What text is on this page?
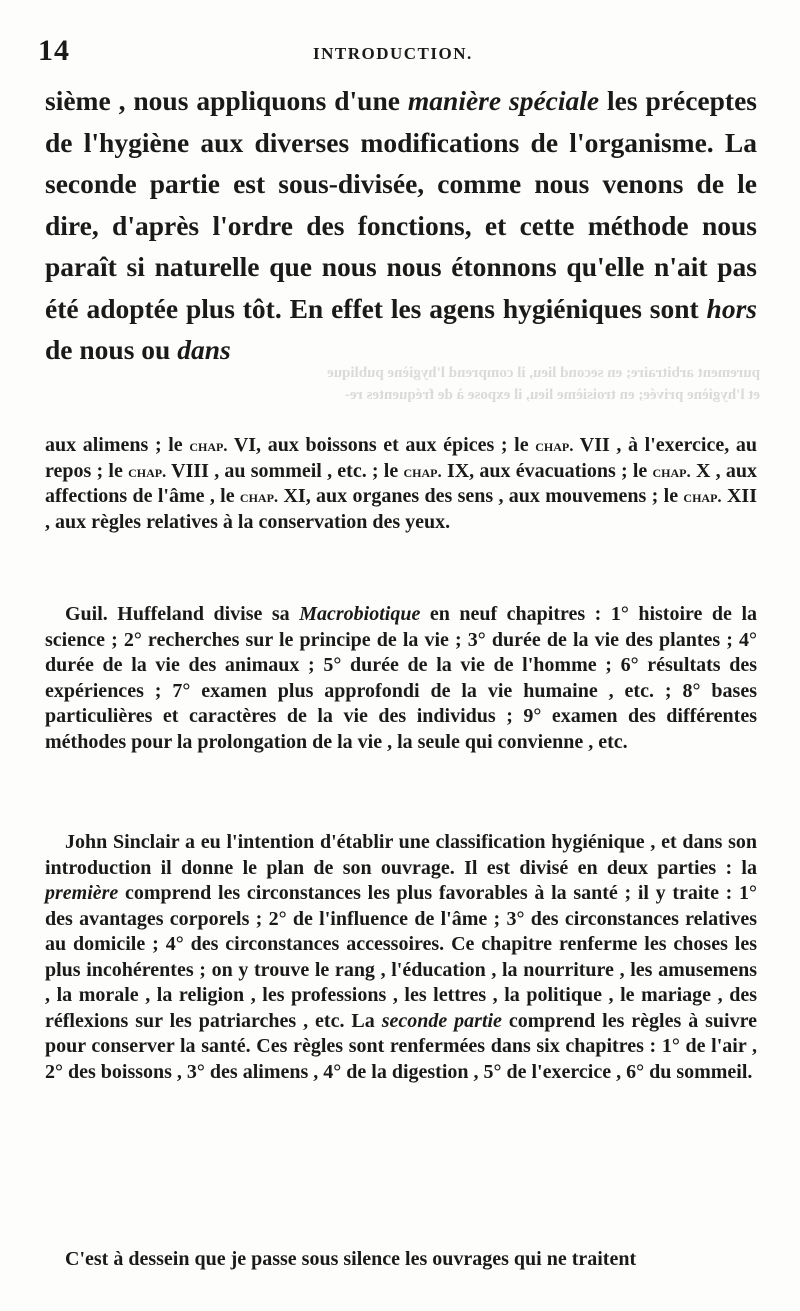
14	INTRODUCTION.
sième , nous appliquons d'une manière spéciale les préceptes de l'hygiène aux diverses modifications de l'organisme. La seconde partie est sous-divisée, comme nous venons de le dire, d'après l'ordre des fonctions, et cette méthode nous paraît si naturelle que nous nous étonnons qu'elle n'ait pas été adoptée plus tôt. En effet les agens hygiéniques sont hors de nous ou dans
purement arbitraire; en second lieu, il comprend l'hygiène publique
et l'hygiène privée; en troisième lieu, il expose à de fréquentes re-
aux alimens ; le chap. VI, aux boissons et aux épices ; le chap. VII , à l'exercice, au repos ; le chap. VIII , au sommeil , etc. ; le chap. IX, aux évacuations ; le chap. X , aux affections de l'âme , le chap. XI, aux organes des sens , aux mouvemens ; le chap. XII , aux règles relatives à la conservation des yeux.
Guil. Huffeland divise sa Macrobiotique en neuf chapitres : 1° histoire de la science ; 2° recherches sur le principe de la vie ; 3° durée de la vie des plantes ; 4° durée de la vie des animaux ; 5° durée de la vie de l'homme ; 6° résultats des expériences ; 7° examen plus approfondi de la vie humaine , etc. ; 8° bases particulières et caractères de la vie des individus ; 9° examen des différentes méthodes pour la prolongation de la vie , la seule qui convienne , etc.
John Sinclair a eu l'intention d'établir une classification hygiénique , et dans son introduction il donne le plan de son ouvrage. Il est divisé en deux parties : la première comprend les circonstances les plus favorables à la santé ; il y traite : 1° des avantages corporels ; 2° de l'influence de l'âme ; 3° des circonstances relatives au domicile ; 4° des circonstances accessoires. Ce chapitre renferme les choses les plus incohérentes ; on y trouve le rang , l'éducation , la nourriture , les amusemens , la morale , la religion , les professions , les lettres , la politique , le mariage , des réflexions sur les patriarches , etc. La seconde partie comprend les règles à suivre pour conserver la santé. Ces règles sont renfermées dans six chapitres : 1° de l'air , 2° des boissons , 3° des alimens , 4° de la digestion , 5° de l'exercice , 6° du sommeil.
C'est à dessein que je passe sous silence les ouvrages qui ne traitent
